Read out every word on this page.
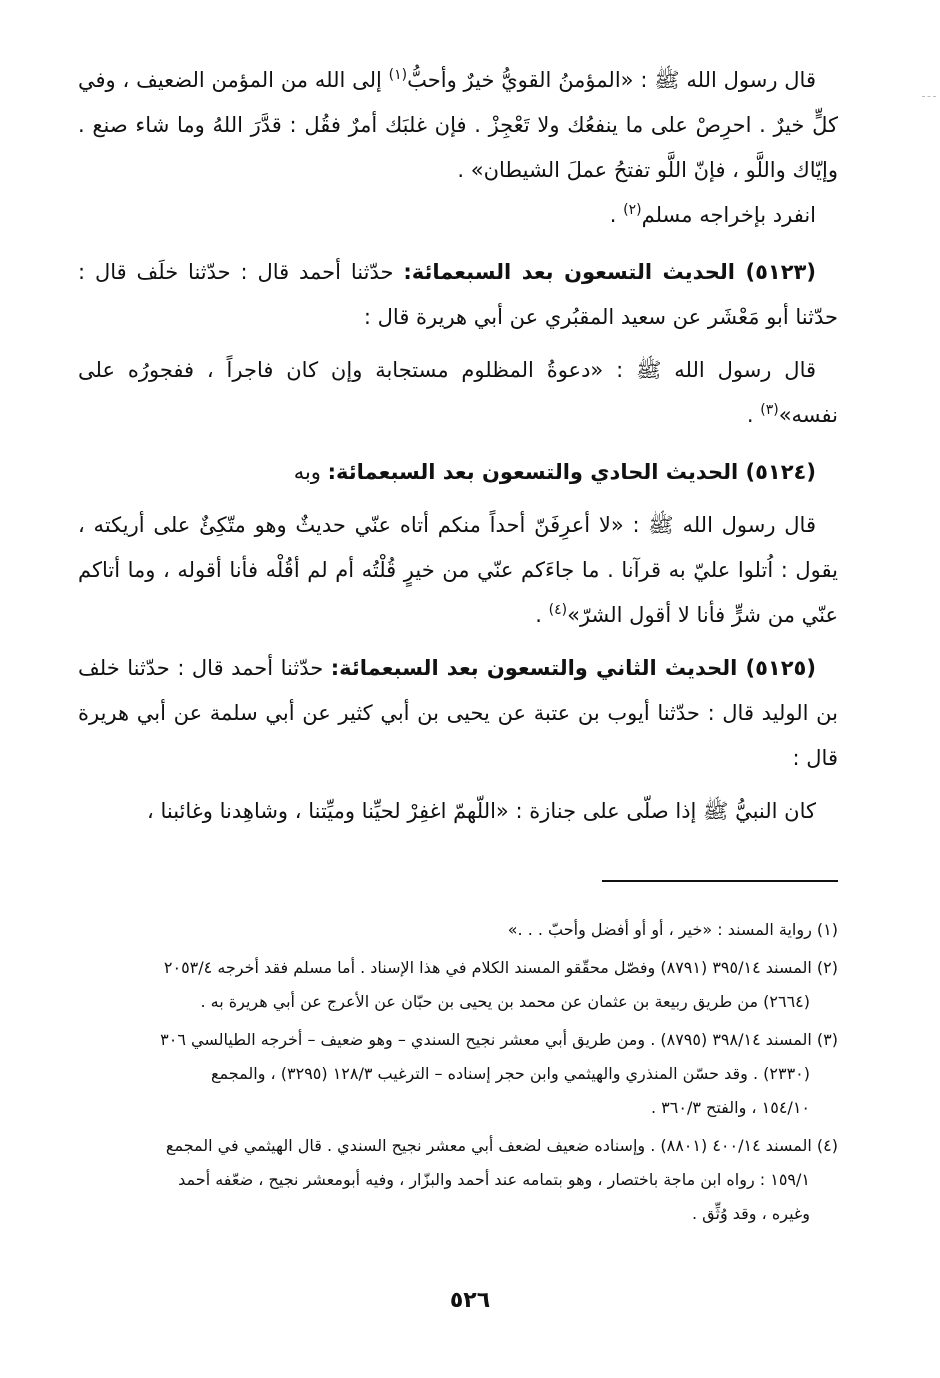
قال رسول الله ﷺ : «المؤمنُ القويُّ خيرٌ وأحبُّ$^{(١)}$ إلى الله من المؤمن الضعيف ، وفي كلٍّ خيرٌ . احرِصْ على ما ينفعُك ولا تَعْجِزْ . فإن غلبَك أمرٌ فقُل : قدَّرَ اللهُ وما شاء صنع . وإيّاك واللَّو ، فإنّ اللَّو تفتحُ عملَ الشيطان» .

انفرد بإخراجه مسلم$^{(٢)}$ .

(٥١٢٣) الحديث التسعون بعد السبعمائة: حدّثنا أحمد قال : حدّثنا خلَف قال : حدّثنا أبو مَعْشَر عن سعيد المقبُري عن أبي هريرة قال :

قال رسول الله ﷺ : «دعوةُ المظلوم مستجابة وإن كان فاجراً ، ففجورُه على نفسه»$^{(٣)}$ .

(٥١٢٤) الحديث الحادي والتسعون بعد السبعمائة: وبه

قال رسول الله ﷺ : «لا أعرِفَنّ أحداً منكم أتاه عنّي حديثٌ وهو متّكِئٌ على أريكته ، يقول : اُتلوا عليّ به قرآنا . ما جاءَكم عنّي من خيرٍ قُلْتُه أم لم أقُلْه فأنا أقوله ، وما أتاكم عنّي من شرٍّ فأنا لا أقول الشرّ»$^{(٤)}$ .

(٥١٢٥) الحديث الثاني والتسعون بعد السبعمائة: حدّثنا أحمد قال : حدّثنا خلف بن الوليد قال : حدّثنا أيوب بن عتبة عن يحيى بن أبي كثير عن أبي سلمة عن أبي هريرة قال :

كان النبيُّ ﷺ إذا صلّى على جنازة : «اللّهمّ اغفِرْ لحيِّنا وميِّتنا ، وشاهِدنا وغائبنا ،

(١) رواية المسند : «خير ، أو أو أفضل وأحبّ . . .»

(٢) المسند ٣٩٥/١٤ (٨٧٩١) وفصّل محقّقو المسند الكلام في هذا الإسناد . أما مسلم فقد أخرجه ٢٠٥٣/٤
(٢٦٦٤) من طريق ربيعة بن عثمان عن محمد بن يحيى بن حبّان عن الأعرج عن أبي هريرة به .

(٣) المسند ٣٩٨/١٤ (٨٧٩٥) . ومن طريق أبي معشر نجيح السندي – وهو ضعيف – أخرجه الطيالسي ٣٠٦
(٢٣٣٠) . وقد حسّن المنذري والهيثمي وابن حجر إسناده – الترغيب ١٢٨/٣ (٣٢٩٥) ، والمجمع
١٥٤/١٠ ، والفتح ٣٦٠/٣ .

(٤) المسند ٤٠٠/١٤ (٨٨٠١) . وإسناده ضعيف لضعف أبي معشر نجيح السندي . قال الهيثمي في المجمع
١٥٩/١ : رواه ابن ماجة باختصار ، وهو بتمامه عند أحمد والبزّار ، وفيه أبومعشر نجيح ، ضعّفه أحمد
وغيره ، وقد وُثِّق .

٥٢٦
